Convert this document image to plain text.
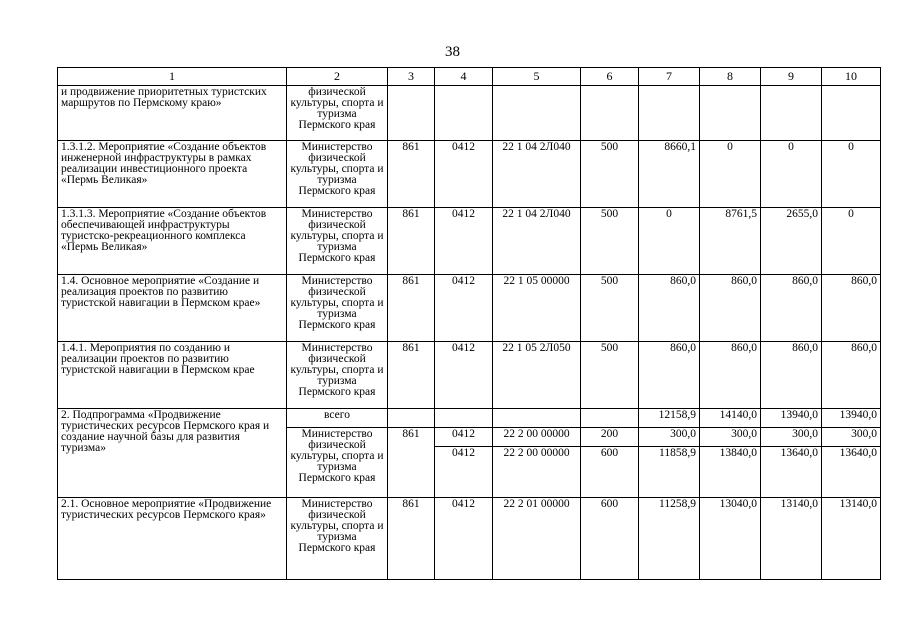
38
1	2	3	4	5	6	7	8	9	10
и продвижение приоритетных туристских маршрутов по Пермскому краю»	физической культуры, спорта и туризма Пермского края								
1.3.1.2. Мероприятие «Создание объектов инженерной инфраструктуры в рамках реализации инвестиционного проекта «Пермь Великая»	Министерство физической культуры, спорта и туризма Пермского края	861	0412	22 1 04 2Л040	500	8660,1	0	0	0
1.3.1.3. Мероприятие «Создание объектов обеспечивающей инфраструктуры туристско-рекреационного комплекса «Пермь Великая»	Министерство физической культуры, спорта и туризма Пермского края	861	0412	22 1 04 2Л040	500	0	8761,5	2655,0	0
1.4. Основное мероприятие «Создание и реализация проектов по развитию туристской навигации в Пермском крае»	Министерство физической культуры, спорта и туризма Пермского края	861	0412	22 1 05 00000	500	860,0	860,0	860,0	860,0
1.4.1. Мероприятия по созданию и реализации проектов по развитию туристской навигации в Пермском крае	Министерство физической культуры, спорта и туризма Пермского края	861	0412	22 1 05 2Л050	500	860,0	860,0	860,0	860,0
2. Подпрограмма «Продвижение туристических ресурсов Пермского края и создание научной базы для развития туризма»	всего					12158,9	14140,0	13940,0	13940,0
	Министерство физической культуры, спорта и туризма Пермского края	861	0412	22 2 00 00000	200	300,0	300,0	300,0	300,0
			0412	22 2 00 00000	600	11858,9	13840,0	13640,0	13640,0
2.1. Основное мероприятие «Продвижение туристических ресурсов Пермского края»	Министерство физической культуры, спорта и туризма Пермского края	861	0412	22 2 01 00000	600	11258,9	13040,0	13140,0	13140,0
